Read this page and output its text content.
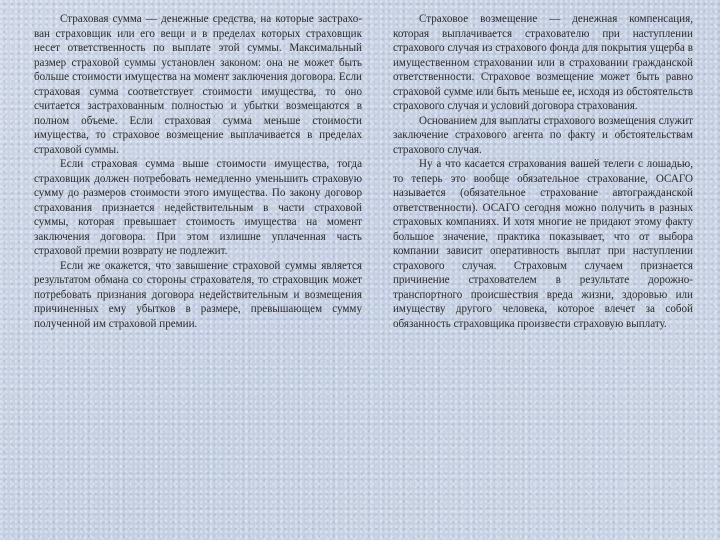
Страховая сумма — денежные средства, на которые застрахо-ван страховщик или его вещи и в пределах которых страховщик несет ответственность по выплате этой суммы. Максимальный размер страховой суммы установлен законом: она не может быть больше стоимости имущества на момент заключения договора. Если страховая сумма соответствует стоимости имущества, то оно считается застрахованным полностью и убытки возмещаются в полном объеме. Если страховая сумма меньше стоимости имущества, то страховое возмещение выплачивается в пределах страховой суммы.

Если страховая сумма выше стоимости имущества, тогда страховщик должен потребовать немедленно уменьшить страховую сумму до размеров стоимости этого имущества. По закону договор страхования признается недействительным в части страховой суммы, которая превышает стоимость имущества на момент заключения договора. При этом излишне уплаченная часть страховой премии возврату не подлежит.

Если же окажется, что завышение страховой суммы является результатом обмана со стороны страхователя, то страховщик может потребовать признания договора недействительным и возмещения причиненных ему убытков в размере, превышающем сумму полученной им страховой премии.

Страховое возмещение — денежная компенсация, которая выплачивается страхователю при наступлении страхового случая из страхового фонда для покрытия ущерба в имущественном страховании или в страховании гражданской ответственности. Страховое возмещение может быть равно страховой сумме или быть меньше ее, исходя из обстоятельств страхового случая и условий договора страхования.

Основанием для выплаты страхового возмещения служит заключение страхового агента по факту и обстоятельствам страхового случая.

Ну а что касается страхования вашей телеги с лошадью, то теперь это вообще обязательное страхование, ОСАГО называется (обязательное страхование автогражданской ответственности). ОСАГО сегодня можно получить в разных страховых компаниях. И хотя многие не придают этому факту большое значение, практика показывает, что от выбора компании зависит оперативность выплат при наступлении страхового случая. Страховым случаем признается причинение страхователем в результате дорожно-транспортного происшествия вреда жизни, здоровью или имуществу другого человека, которое влечет за собой обязанность страховщика произвести страховую выплату.
